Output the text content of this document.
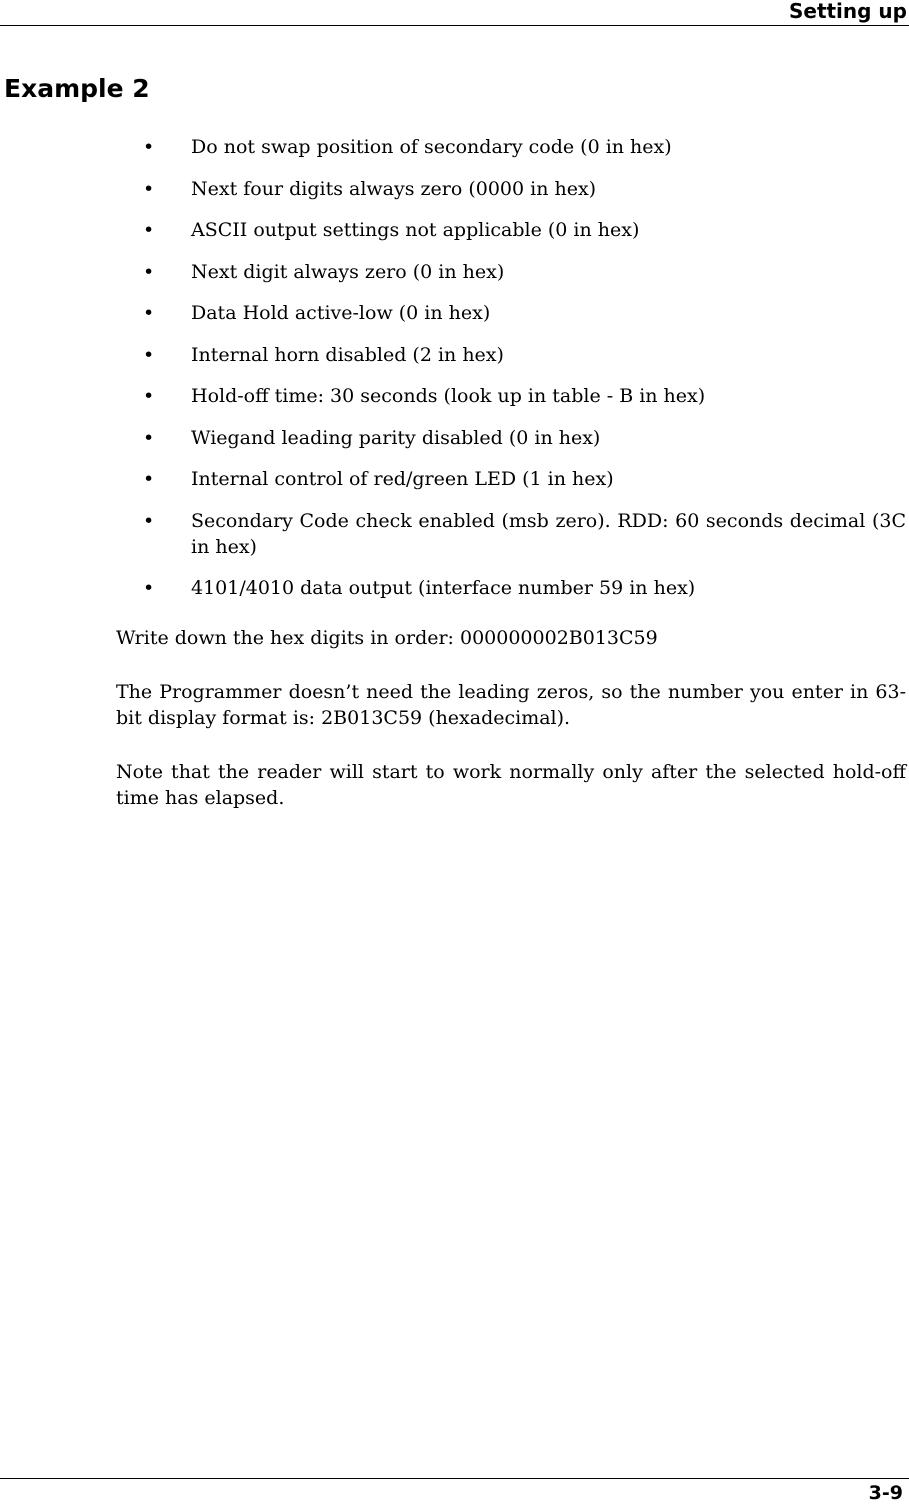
Setting up
Example 2
• Do not swap position of secondary code (0 in hex)
• Next four digits always zero (0000 in hex)
• ASCII output settings not applicable (0 in hex)
• Next digit always zero (0 in hex)
• Data Hold active-low (0 in hex)
• Internal horn disabled (2 in hex)
• Hold-off time: 30 seconds (look up in table - B in hex)
• Wiegand leading parity disabled (0 in hex)
• Internal control of red/green LED (1 in hex)
• Secondary Code check enabled (msb zero). RDD: 60 seconds decimal (3C in hex)
• 4101/4010 data output (interface number 59 in hex)

Write down the hex digits in order: 000000002B013C59

The Programmer doesn’t need the leading zeros, so the number you enter in 63-bit display format is: 2B013C59 (hexadecimal).

Note that the reader will start to work normally only after the selected hold-off time has elapsed.

3-9
